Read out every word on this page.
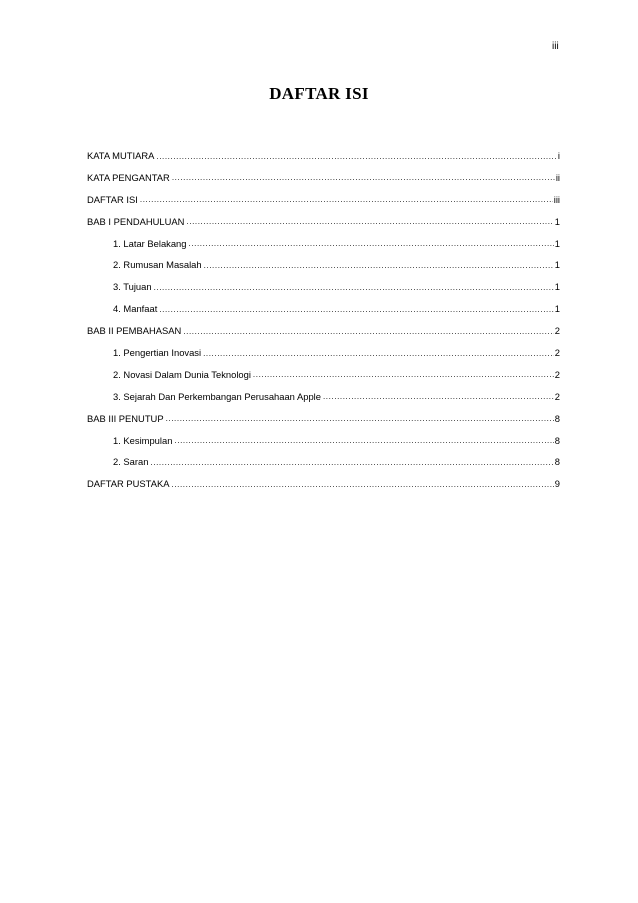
iii
DAFTAR ISI
KATA MUTIARA .....	i
KATA PENGANTAR .....	ii
DAFTAR ISI .....	iii
BAB I PENDAHULUAN .....	1
1. Latar Belakang .....	1
2. Rumusan Masalah .....	1
3. Tujuan .....	1
4. Manfaat .....	1
BAB II PEMBAHASAN .....	2
1. Pengertian Inovasi .....	2
2. Novasi Dalam Dunia Teknologi .....	2
3. Sejarah Dan Perkembangan Perusahaan Apple .....	2
BAB III PENUTUP .....	8
1. Kesimpulan .....	8
2. Saran .....	8
DAFTAR PUSTAKA .....	9
